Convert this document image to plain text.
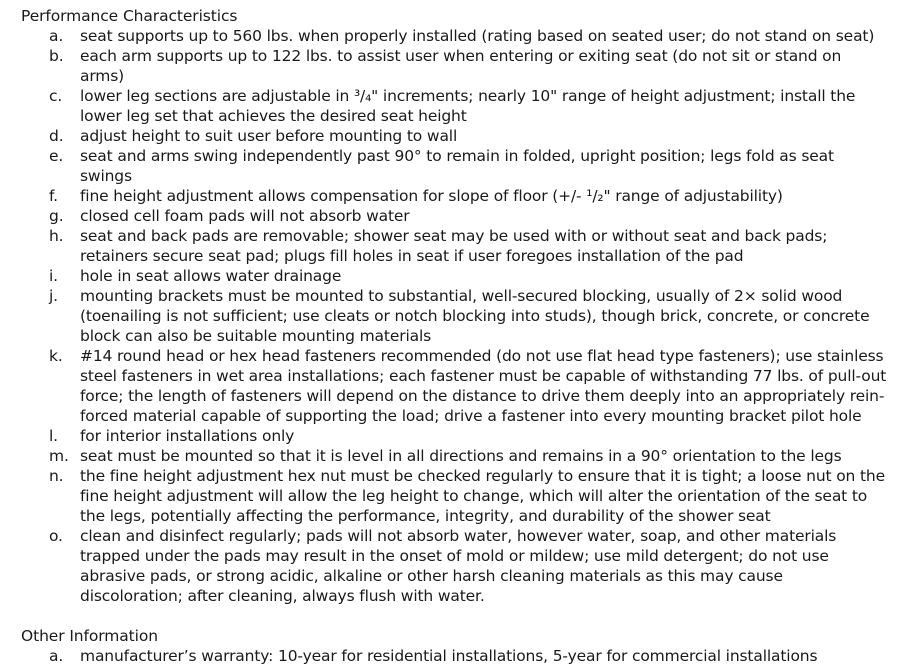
Performance Characteristics
a.	seat supports up to 560 lbs. when properly installed (rating based on seated user; do not stand on seat)
b.	each arm supports up to 122 lbs. to assist user when entering or exiting seat (do not sit or stand on arms)
c.	lower leg sections are adjustable in ³/₄" increments; nearly 10" range of height adjustment; install the lower leg set that achieves the desired seat height
d.	adjust height to suit user before mounting to wall
e.	seat and arms swing independently past 90° to remain in folded, upright position; legs fold as seat swings
f.	fine height adjustment allows compensation for slope of floor (+/- ¹/₂" range of adjustability)
g.	closed cell foam pads will not absorb water
h.	seat and back pads are removable; shower seat may be used with or without seat and back pads; retainers secure seat pad; plugs fill holes in seat if user foregoes installation of the pad
i.	hole in seat allows water drainage
j.	mounting brackets must be mounted to substantial, well-secured blocking, usually of 2× solid wood (toenailing is not sufficient; use cleats or notch blocking into studs), though brick, concrete, or concrete block can also be suitable mounting materials
k.	#14 round head or hex head fasteners recommended (do not use flat head type fasteners); use stainless steel fasteners in wet area installations; each fastener must be capable of withstanding 77 lbs. of pull-out force; the length of fasteners will depend on the distance to drive them deeply into an appropriately reinforced material capable of supporting the load; drive a fastener into every mounting bracket pilot hole
l.	for interior installations only
m. seat must be mounted so that it is level in all directions and remains in a 90° orientation to the legs
n.	the fine height adjustment hex nut must be checked regularly to ensure that it is tight; a loose nut on the fine height adjustment will allow the leg height to change, which will alter the orientation of the seat to the legs, potentially affecting the performance, integrity, and durability of the shower seat
o.	clean and disinfect regularly; pads will not absorb water, however water, soap, and other materials trapped under the pads may result in the onset of mold or mildew; use mild detergent; do not use abrasive pads, or strong acidic, alkaline or other harsh cleaning materials as this may cause discoloration; after cleaning, always flush with water.
Other Information
a.	manufacturer’s warranty: 10-year for residential installations, 5-year for commercial installations
